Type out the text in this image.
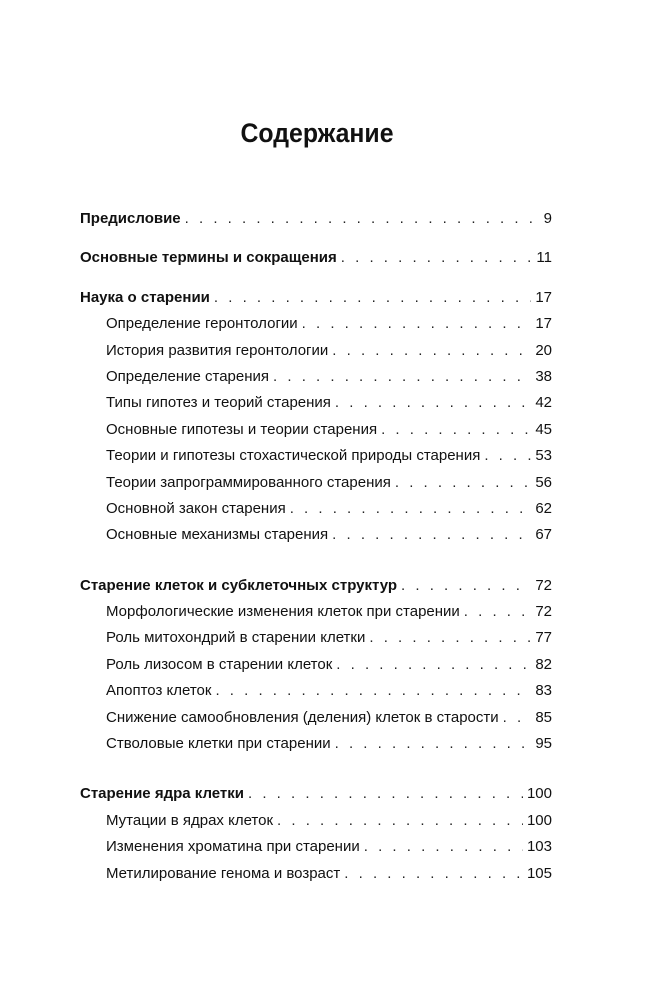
Содержание
Предисловие . . .	9
Основные термины и сокращения . . .	11
Наука о старении . . .	17
Определение геронтологии . . .	17
История развития геронтологии . . .	20
Определение старения . . .	38
Типы гипотез и теорий старения . . .	42
Основные гипотезы и теории старения . . .	45
Теории и гипотезы стохастической природы старения . . .	53
Теории запрограммированного старения . . .	56
Основной закон старения . . .	62
Основные механизмы старения . . .	67
Старение клеток и субклеточных структур . . .	72
Морфологические изменения клеток при старении . . .	72
Роль митохондрий в старении клетки . . .	77
Роль лизосом в старении клеток . . .	82
Апоптоз клеток . . .	83
Снижение самообновления (деления) клеток в старости . . . 85
Стволовые клетки при старении . . .	95
Старение ядра клетки . . .	100
Мутации в ядрах клеток . . .	100
Изменения хроматина при старении . . .	103
Метилирование генома и возраст . . .	105
